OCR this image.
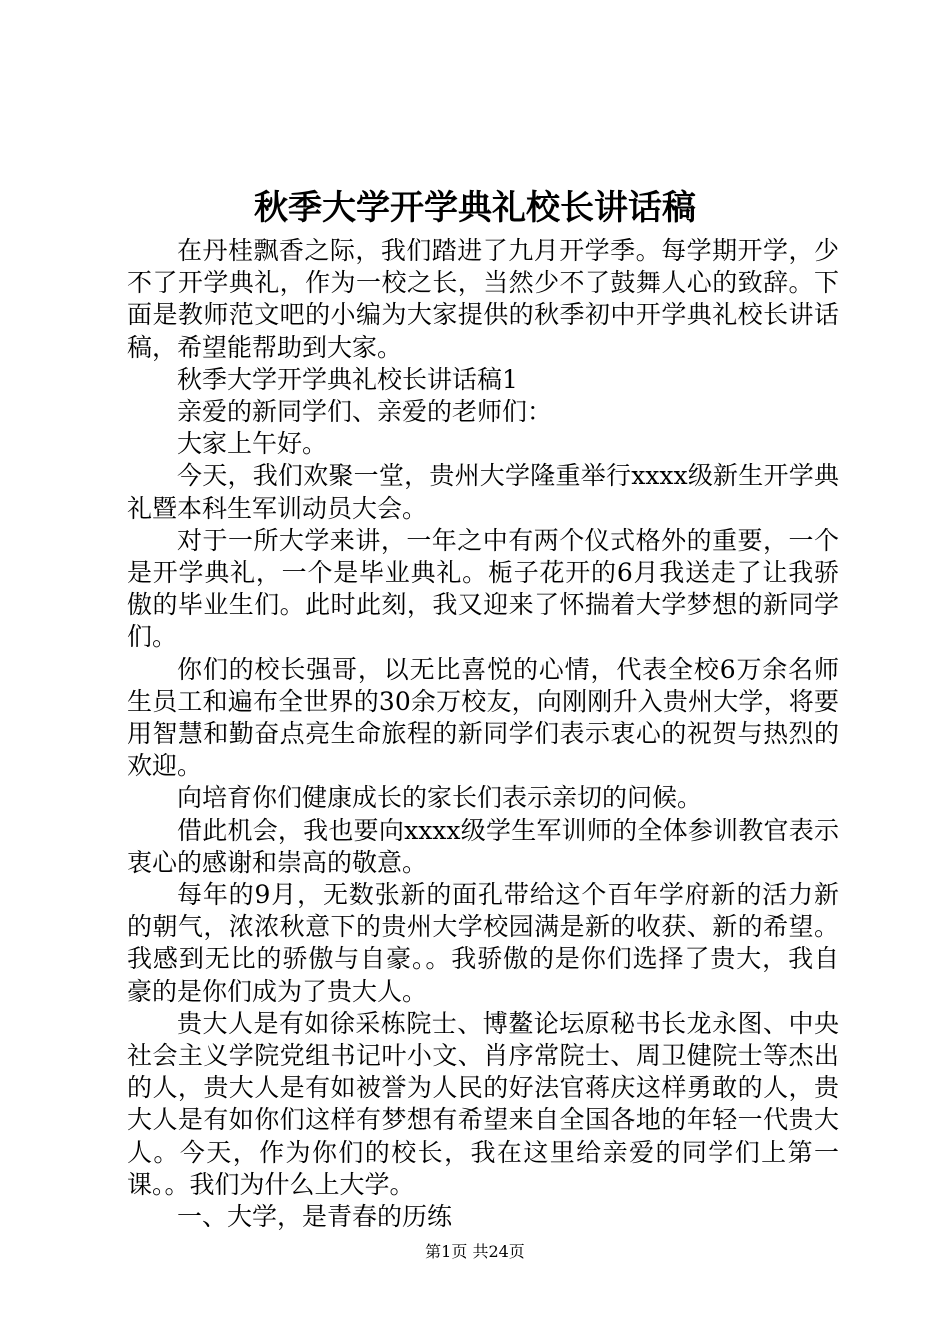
秋季大学开学典礼校长讲话稿

在丹桂飘香之际，我们踏进了九月开学季。每学期开学，少不了开学典礼，作为一校之长，当然少不了鼓舞人心的致辞。下面是教师范文吧的小编为大家提供的秋季初中开学典礼校长讲话稿，希望能帮助到大家。

秋季大学开学典礼校长讲话稿1

亲爱的新同学们、亲爱的老师们：

大家上午好。

今天，我们欢聚一堂，贵州大学隆重举行xxxx级新生开学典礼暨本科生军训动员大会。

对于一所大学来讲，一年之中有两个仪式格外的重要，一个是开学典礼，一个是毕业典礼。栀子花开的6月我送走了让我骄傲的毕业生们。此时此刻，我又迎来了怀揣着大学梦想的新同学们。

你们的校长强哥，以无比喜悦的心情，代表全校6万余名师生员工和遍布全世界的30余万校友，向刚刚升入贵州大学，将要用智慧和勤奋点亮生命旅程的新同学们表示衷心的祝贺与热烈的欢迎。

向培育你们健康成长的家长们表示亲切的问候。

借此机会，我也要向xxxx级学生军训师的全体参训教官表示衷心的感谢和崇高的敬意。

每年的9月，无数张新的面孔带给这个百年学府新的活力新的朝气，浓浓秋意下的贵州大学校园满是新的收获、新的希望。我感到无比的骄傲与自豪。。我骄傲的是你们选择了贵大，我自豪的是你们成为了贵大人。

贵大人是有如徐采栋院士、博鳌论坛原秘书长龙永图、中央社会主义学院党组书记叶小文、肖序常院士、周卫健院士等杰出的人，贵大人是有如被誉为人民的好法官蒋庆这样勇敢的人，贵大人是有如你们这样有梦想有希望来自全国各地的年轻一代贵大人。今天，作为你们的校长，我在这里给亲爱的同学们上第一课。。我们为什么上大学。

一、大学，是青春的历练

第1页 共24页
